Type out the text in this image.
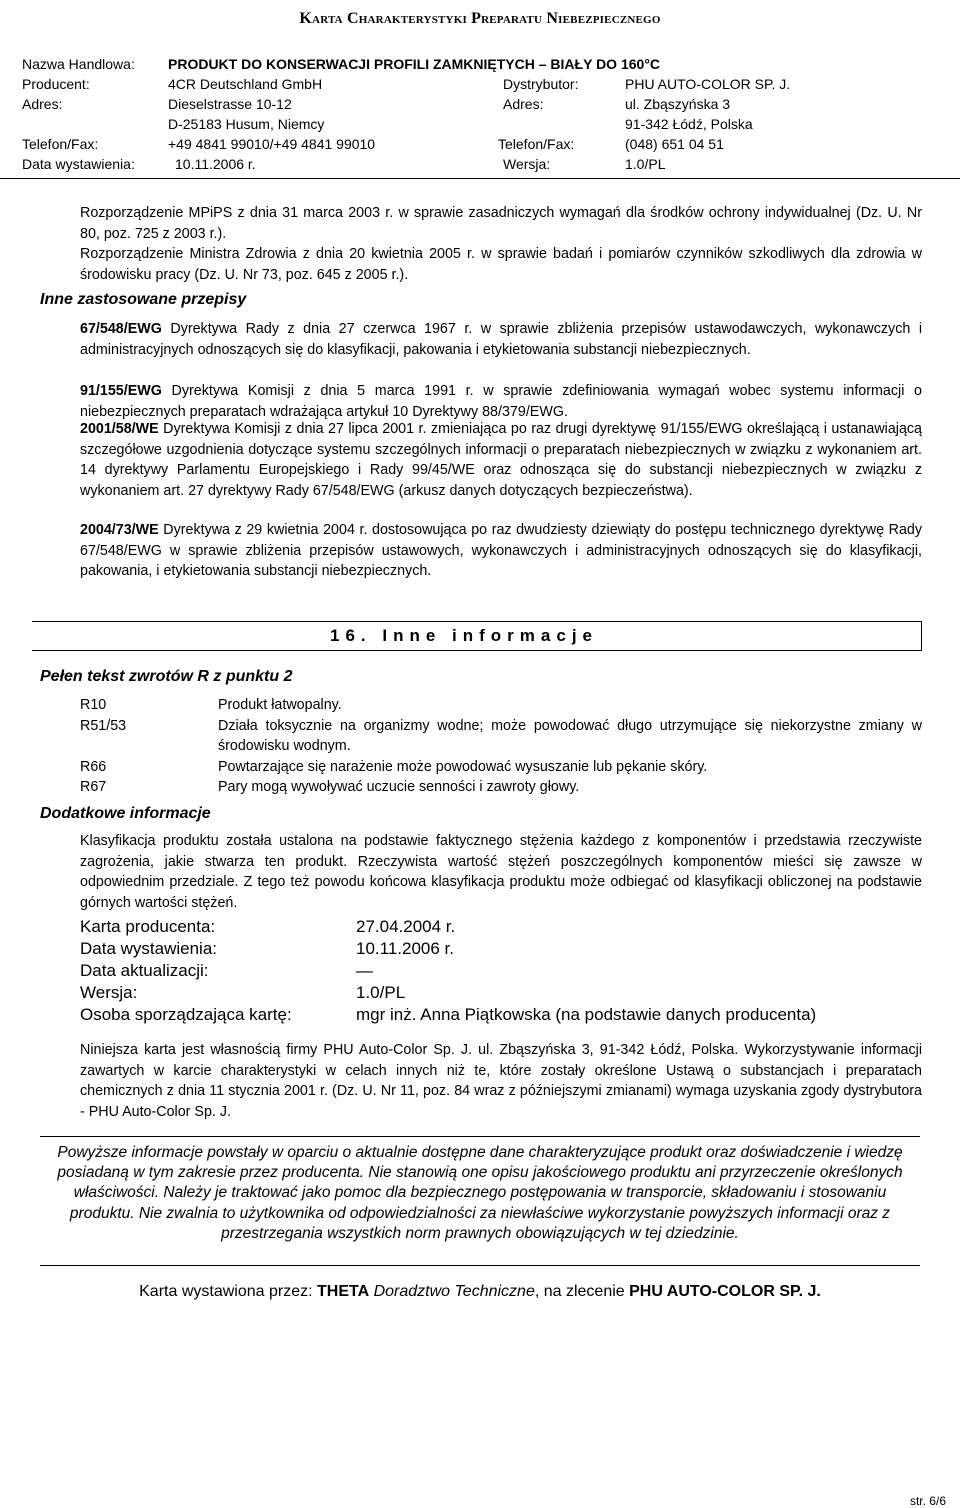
Karta Charakterystyki Preparatu Niebezpiecznego
Nazwa Handlowa: PRODUKT DO KONSERWACJI PROFILI ZAMKNIĘTYCH – BIAŁY DO 160°C
Producent:	4CR Deutschland GmbH	Dystrybutor:	PHU AUTO-COLOR SP. J.
Adres:	Dieselstrasse 10-12	Adres:	ul. Zbąszyńska 3
D-25183 Husum, Niemcy	91-342 Łódź, Polska
Telefon/Fax:	+49 4841 99010/+49 4841 99010	Telefon/Fax:	(048) 651 04 51
Data wystawienia:	10.11.2006 r.	Wersja:	1.0/PL
Rozporządzenie MPiPS z dnia 31 marca 2003 r. w sprawie zasadniczych wymagań dla środków ochrony indywidualnej (Dz. U. Nr 80, poz. 725 z 2003 r.).
Rozporządzenie Ministra Zdrowia z dnia 20 kwietnia 2005 r. w sprawie badań i pomiarów czynników szkodliwych dla zdrowia w środowisku pracy (Dz. U. Nr 73, poz. 645 z 2005 r.).
Inne zastosowane przepisy
67/548/EWG Dyrektywa Rady z dnia 27 czerwca 1967 r. w sprawie zbliżenia przepisów ustawodawczych, wykonawczych i administracyjnych odnoszących się do klasyfikacji, pakowania i etykietowania substancji niebezpiecznych.
91/155/EWG Dyrektywa Komisji z dnia 5 marca 1991 r. w sprawie zdefiniowania wymagań wobec systemu informacji o niebezpiecznych preparatach wdrażająca artykuł 10 Dyrektywy 88/379/EWG.
2001/58/WE Dyrektywa Komisji z dnia 27 lipca 2001 r. zmieniająca po raz drugi dyrektywę 91/155/EWG określającą i ustanawiającą szczegółowe uzgodnienia dotyczące systemu szczególnych informacji o preparatach niebezpiecznych w związku z wykonaniem art. 14 dyrektywy Parlamentu Europejskiego i Rady 99/45/WE oraz odnosząca się do substancji niebezpiecznych w związku z wykonaniem art. 27 dyrektywy Rady 67/548/EWG (arkusz danych dotyczących bezpieczeństwa).
2004/73/WE Dyrektywa z 29 kwietnia 2004 r. dostosowująca po raz dwudziesty dziewiąty do postępu technicznego dyrektywę Rady 67/548/EWG w sprawie zbliżenia przepisów ustawowych, wykonawczych i administracyjnych odnoszących się do klasyfikacji, pakowania, i etykietowania substancji niebezpiecznych.
16. Inne informacje
Pełen tekst zwrotów R z punktu 2
R10	Produkt łatwopalny.
R51/53	Działa toksycznie na organizmy wodne; może powodować długo utrzymujące się niekorzystne zmiany w środowisku wodnym.
R66	Powtarzające się narażenie może powodować wysuszanie lub pękanie skóry.
R67	Pary mogą wywoływać uczucie senności i zawroty głowy.
Dodatkowe informacje
Klasyfikacja produktu została ustalona na podstawie faktycznego stężenia każdego z komponentów i przedstawia rzeczywiste zagrożenia, jakie stwarza ten produkt. Rzeczywista wartość stężeń poszczególnych komponentów mieści się zawsze w odpowiednim przedziale. Z tego też powodu końcowa klasyfikacja produktu może odbiegać od klasyfikacji obliczonej na podstawie górnych wartości stężeń.
Karta producenta:	27.04.2004 r.
Data wystawienia:	10.11.2006 r.
Data aktualizacji:	—
Wersja:	1.0/PL
Osoba sporządzająca kartę:	mgr inż. Anna Piątkowska (na podstawie danych producenta)
Niniejsza karta jest własnością firmy PHU Auto-Color Sp. J. ul. Zbąszyńska 3, 91-342 Łódź, Polska. Wykorzystywanie informacji zawartych w karcie charakterystyki w celach innych niż te, które zostały określone Ustawą o substancjach i preparatach chemicznych z dnia 11 stycznia 2001 r. (Dz. U. Nr 11, poz. 84 wraz z późniejszymi zmianami) wymaga uzyskania zgody dystrybutora - PHU Auto-Color Sp. J.
Powyższe informacje powstały w oparciu o aktualnie dostępne dane charakteryzujące produkt oraz doświadczenie i wiedzę posiadaną w tym zakresie przez producenta. Nie stanowią one opisu jakościowego produktu ani przyrzeczenie określonych właściwości. Należy je traktować jako pomoc dla bezpiecznego postępowania w transporcie, składowaniu i stosowaniu produktu. Nie zwalnia to użytkownika od odpowiedzialności za niewłaściwe wykorzystanie powyższych informacji oraz z przestrzegania wszystkich norm prawnych obowiązujących w tej dziedzinie.
Karta wystawiona przez: THETA Doradztwo Techniczne, na zlecenie PHU AUTO-COLOR SP. J.
str. 6/6
